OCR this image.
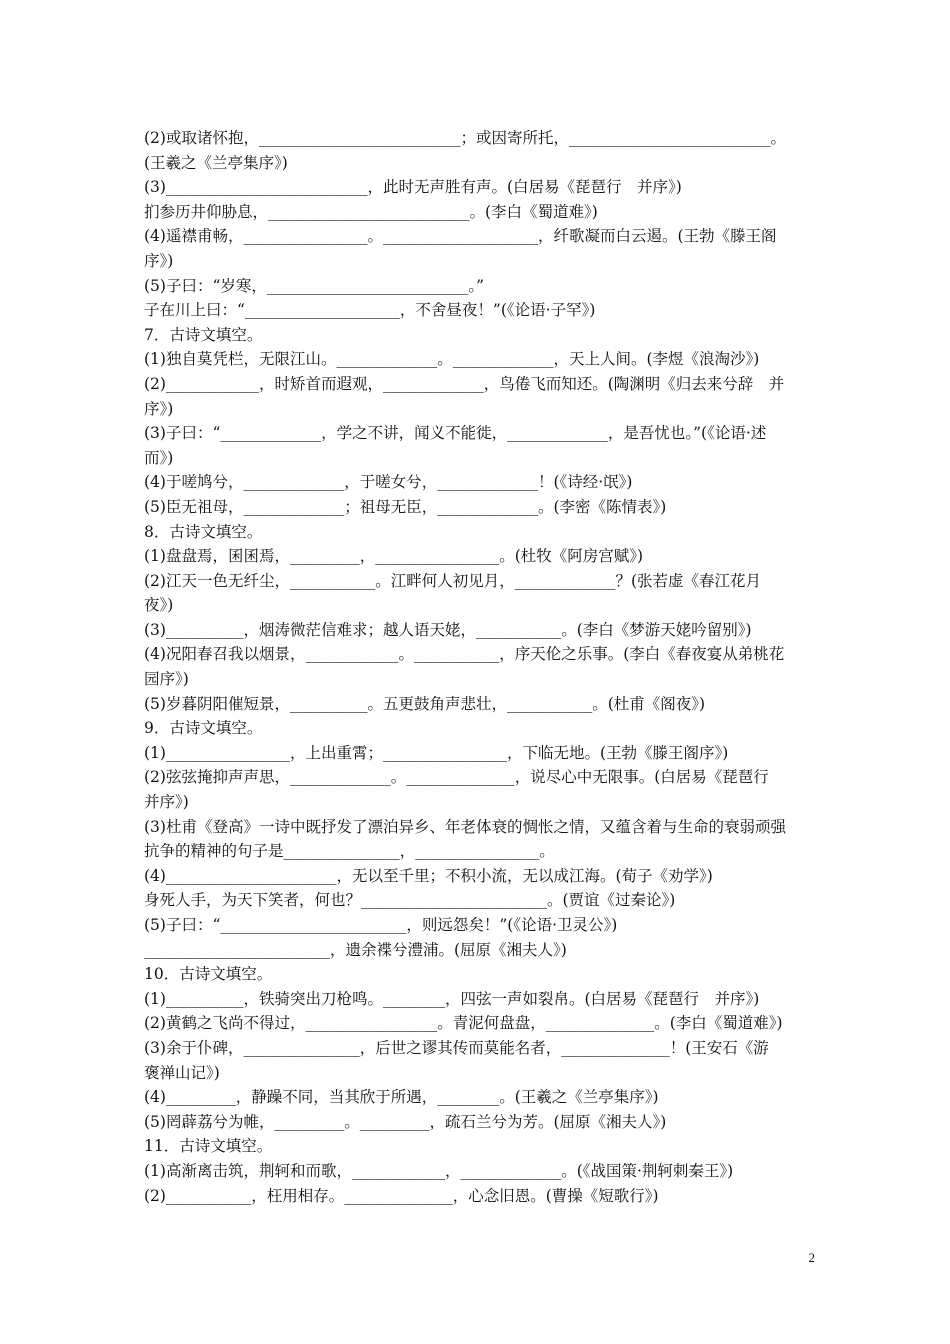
(2)或取诸怀抱，__________________________；或因寄所托，__________________________。
(王羲之《兰亭集序》)
(3)__________________________，此时无声胜有声。(白居易《琵琶行　并序》)
扪参历井仰胁息，__________________________。(李白《蜀道难》)
(4)遥襟甫畅，________________。____________________，纤歌凝而白云遏。(王勃《滕王阁
序》)
(5)子曰：“岁寒，__________________________。”
子在川上曰：“____________________，不舍昼夜！”(《论语·子罕》)
7．古诗文填空。
(1)独自莫凭栏，无限江山。_____________。_____________，天上人间。(李煜《浪淘沙》)
(2)____________，时矫首而遐观，_____________，鸟倦飞而知还。(陶渊明《归去来兮辞　并
序》)
(3)子曰：“_____________，学之不讲，闻义不能徙，_____________，是吾忧也。”(《论语·述
而》)
(4)于嗟鸠兮，_____________，于嗟女兮，_____________！(《诗经·氓》)
(5)臣无祖母，_____________；祖母无臣，_____________。(李密《陈情表》)
8．古诗文填空。
(1)盘盘焉，囷囷焉，_________，________________。(杜牧《阿房宫赋》)
(2)江天一色无纤尘，___________。江畔何人初见月，_____________？(张若虚《春江花月
夜》)
(3)__________，烟涛微茫信难求；越人语天姥，___________。(李白《梦游天姥吟留别》)
(4)况阳春召我以烟景，____________。___________，序天伦之乐事。(李白《春夜宴从弟桃花
园序》)
(5)岁暮阴阳催短景，__________。五更鼓角声悲壮，___________。(杜甫《阁夜》)
9．古诗文填空。
(1)________________，上出重霄；________________，下临无地。(王勃《滕王阁序》)
(2)弦弦掩抑声声思，_____________。______________，说尽心中无限事。(白居易《琵琶行
并序》)
(3)杜甫《登高》一诗中既抒发了漂泊异乡、年老体衰的惆怅之情，又蕴含着与生命的衰弱顽强
抗争的精神的句子是_______________，________________。
(4)______________________，无以至千里；不积小流，无以成江海。(荀子《劝学》)
身死人手，为天下笑者，何也？________________________。(贾谊《过秦论》)
(5)子曰：“________________________，则远怨矣！”(《论语·卫灵公》)
________________________，遗余褋兮澧浦。(屈原《湘夫人》)
10．古诗文填空。
(1)__________，铁骑突出刀枪鸣。________，四弦一声如裂帛。(白居易《琵琶行　并序》)
(2)黄鹤之飞尚不得过，_________________。青泥何盘盘，______________。(李白《蜀道难》)
(3)余于仆碑，_______________，后世之谬其传而莫能名者，______________！(王安石《游
褒禅山记》)
(4)_________，静躁不同，当其欣于所遇，________。(王羲之《兰亭集序》)
(5)罔薜荔兮为帷，_________。_________，疏石兰兮为芳。(屈原《湘夫人》)
11．古诗文填空。
(1)高渐离击筑，荆轲和而歌，____________，_____________。(《战国策·荆轲刺秦王》)
(2)___________，枉用相存。______________，心念旧恩。(曹操《短歌行》)
2
